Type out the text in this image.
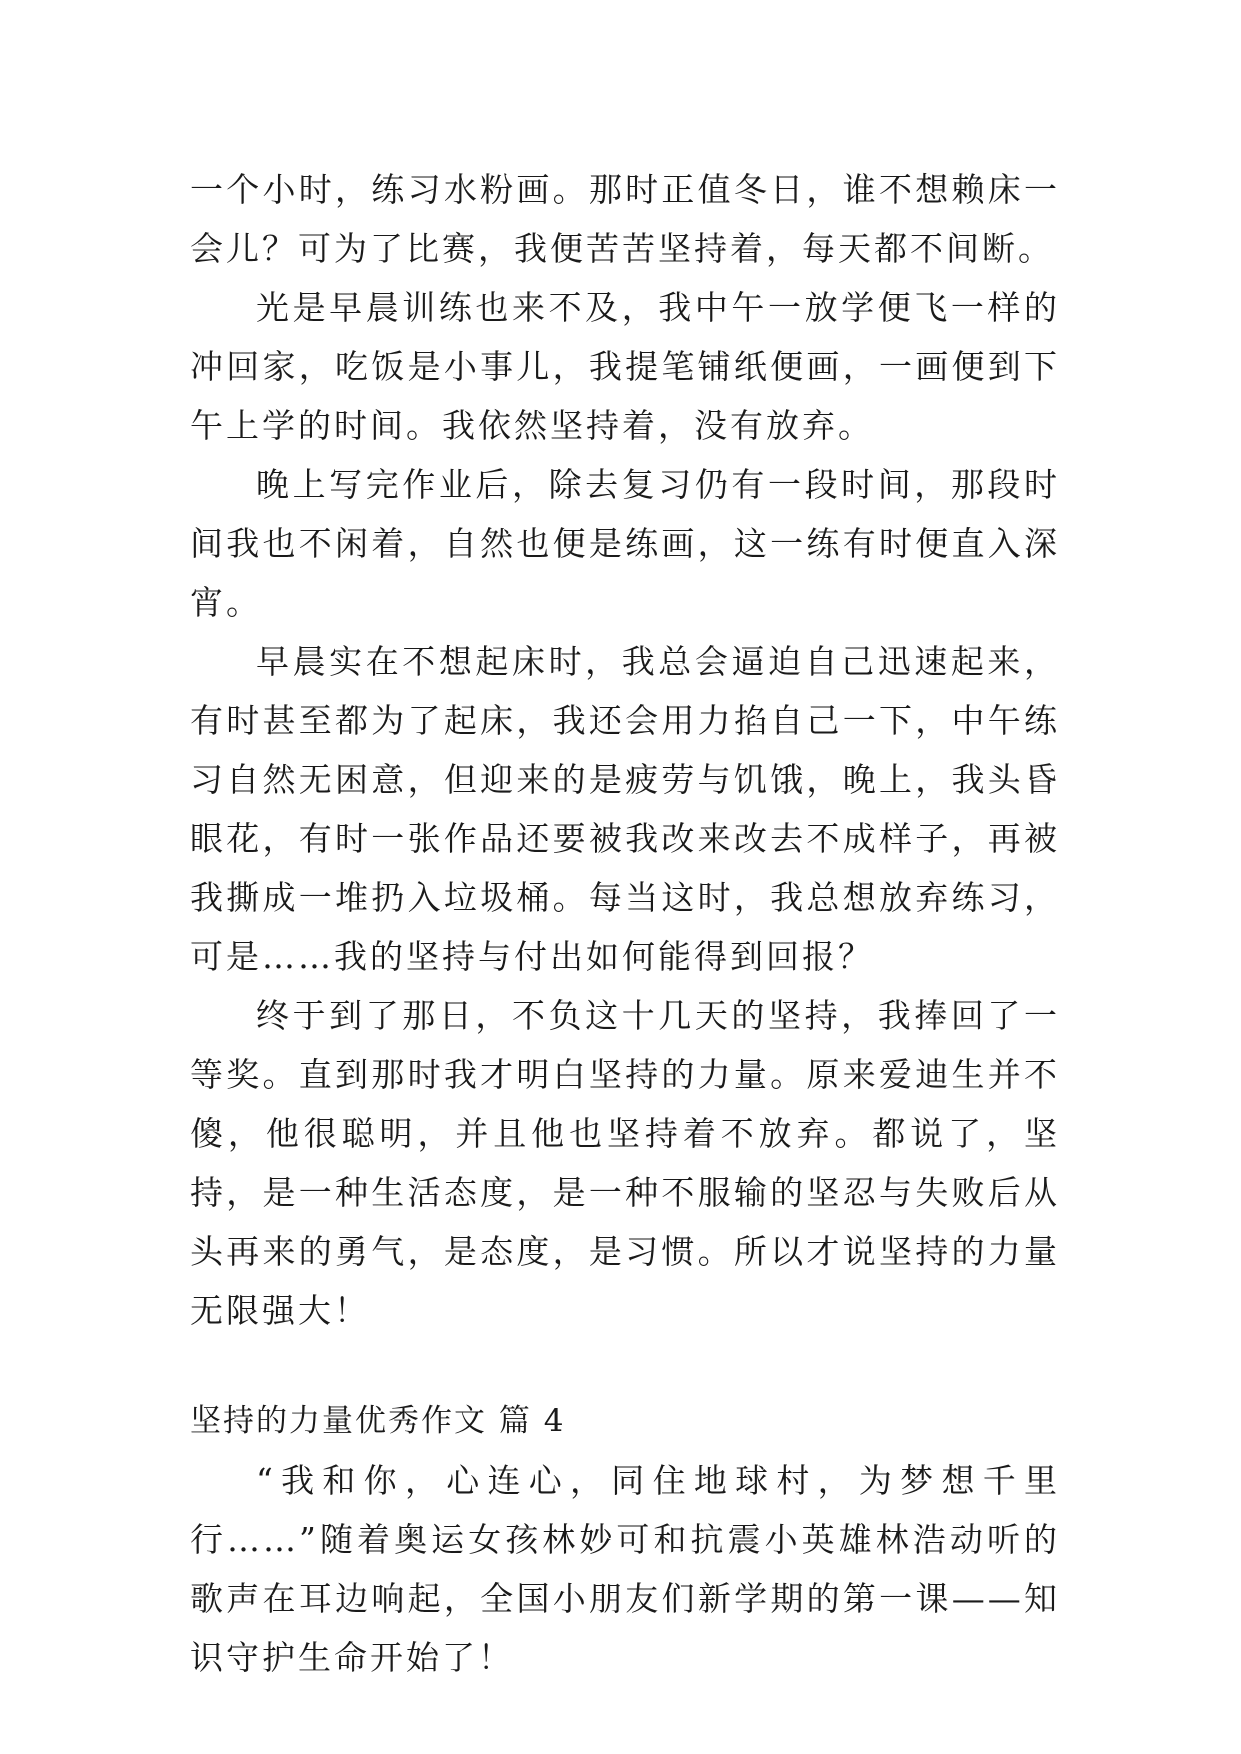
一个小时，练习水粉画。那时正值冬日，谁不想赖床一会儿？可为了比赛，我便苦苦坚持着，每天都不间断。

光是早晨训练也来不及，我中午一放学便飞一样的冲回家，吃饭是小事儿，我提笔铺纸便画，一画便到下午上学的时间。我依然坚持着，没有放弃。

晚上写完作业后，除去复习仍有一段时间，那段时间我也不闲着，自然也便是练画，这一练有时便直入深宵。

早晨实在不想起床时，我总会逼迫自己迅速起来，有时甚至都为了起床，我还会用力掐自己一下，中午练习自然无困意，但迎来的是疲劳与饥饿，晚上，我头昏眼花，有时一张作品还要被我改来改去不成样子，再被我撕成一堆扔入垃圾桶。每当这时，我总想放弃练习，可是……我的坚持与付出如何能得到回报？

终于到了那日，不负这十几天的坚持，我捧回了一等奖。直到那时我才明白坚持的力量。原来爱迪生并不傻，他很聪明，并且他也坚持着不放弃。都说了，坚持，是一种生活态度，是一种不服输的坚忍与失败后从头再来的勇气，是态度，是习惯。所以才说坚持的力量无限强大！

坚持的力量优秀作文 篇 4

“我和你，心连心，同住地球村，为梦想千里行……”随着奥运女孩林妙可和抗震小英雄林浩动听的歌声在耳边响起，全国小朋友们新学期的第一课——知识守护生命开始了！
